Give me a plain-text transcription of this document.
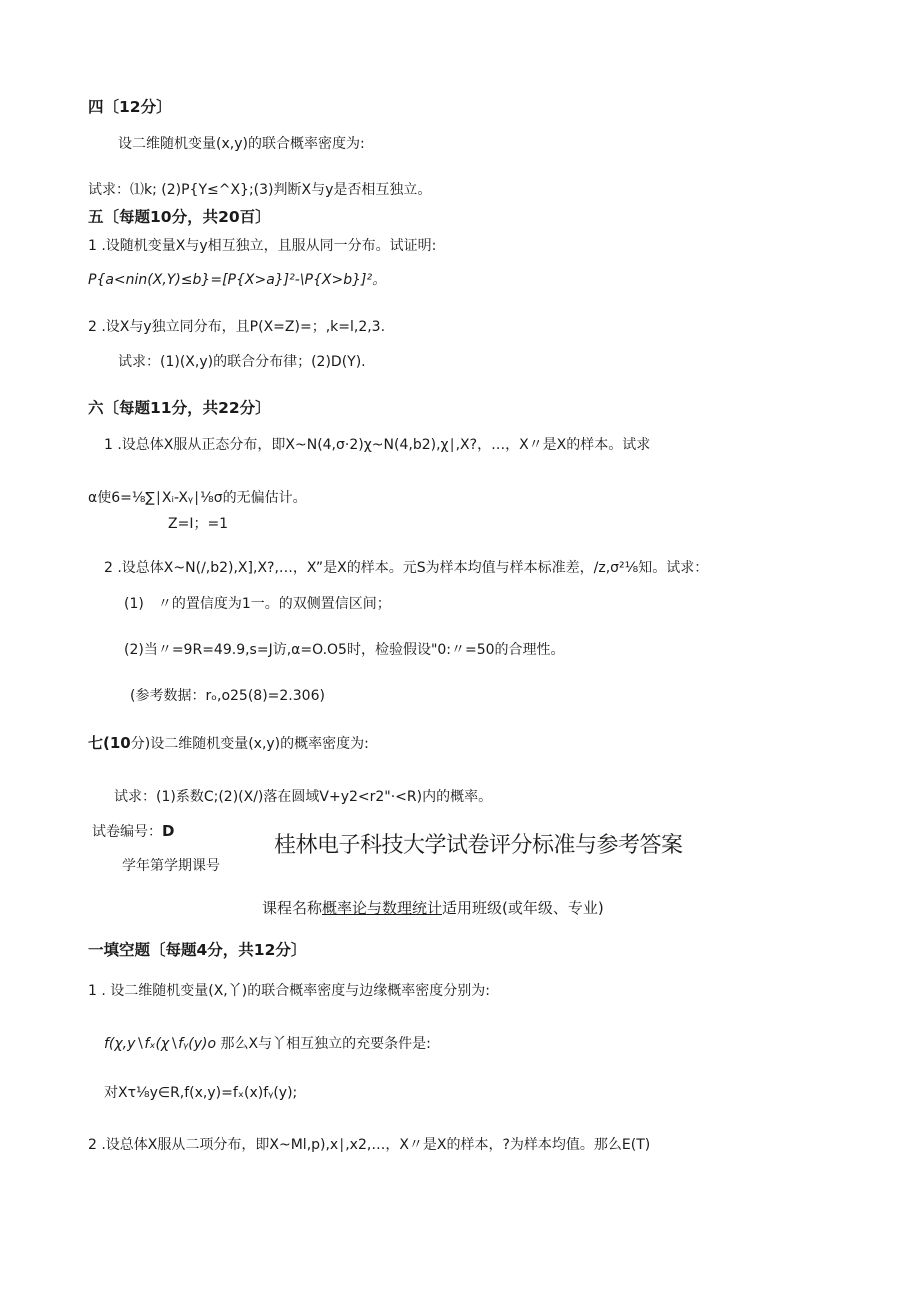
四〔12分〕
设二维随机变量(x,y)的联合概率密度为:
试求：⑴k; (2)P{Y≤^X};(3)判断X与y是否相互独立。
五〔每题10分，共20百〕
1 .设随机变量X与y相互独立，且服从同一分布。试证明:
P{a<nin(X,Y)≤b}=[P{X>a}]²-\P{X>b}]²。
2 .设X与y独立同分布，且P(X=Z)=；,k=l,2,3.
试求：(1)(X,y)的联合分布律；(2)D(Y).
六〔每题11分，共22分〕
1 .设总体X服从正态分布，即X~N(4,σ·2)χ~N(4,b2),χ∣,X?，…，X〃是X的样本。试求
α使6=⅛∑∣Xᵢ-Xᵧ∣⅛σ的无偏估计。
Z=I；=1
2 .设总体X~N(∕,b2),X],X?,…，X”是X的样本。元S为样本均值与样本标准差，/z,σ²⅛知。试求：
(1)　〃的置信度为1一。的双侧置信区间；
(2)当〃=9R=49.9,s=J访,α=O.O5时，检验假设"0:〃=50的合理性。
(参考数据：rₒ,o25(8)=2.306)
七(10分)设二维随机变量(x,y)的概率密度为:
试求：(1)系数C;(2)(X/)落在圆域V+y2<r2"·<R)内的概率。
试卷编号：D
桂林电子科技大学试卷评分标准与参考答案
学年第学期课号
课程名称概率论与数理统计适用班级(或年级、专业)
一填空题〔每题4分，共12分〕
1 . 设二维随机变量(X,丫)的联合概率密度与边缘概率密度分别为:
f(χ,y∖fₓ(χ∖fᵧ(y)o 那么X与丫相互独立的充要条件是:
对Xτ⅛y∈R,f(x,y)=fₓ(x)fᵧ(y);
2 .设总体X服从二项分布，即X~Ml,p),x∣,x2,…，X〃是X的样本，?为样本均值。那么E(T)
